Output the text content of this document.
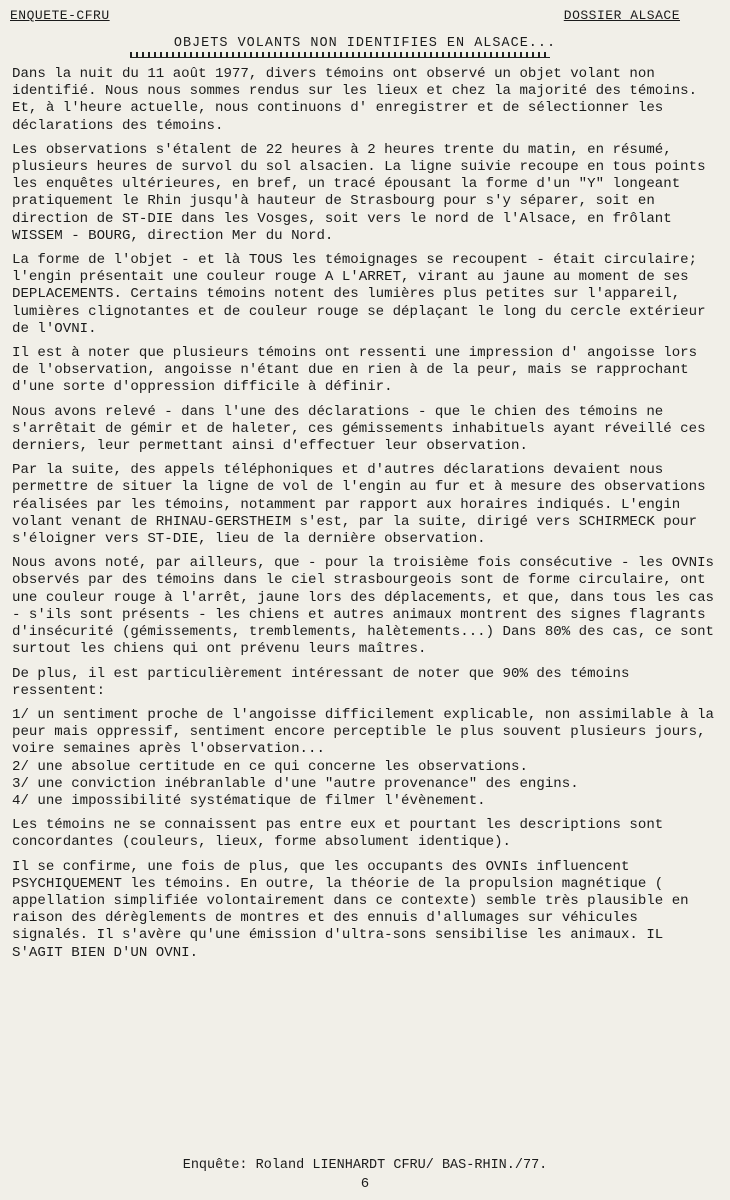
ENQUETE-CFRU	DOSSIER ALSACE
OBJETS VOLANTS NON IDENTIFIES EN ALSACE...

Dans la nuit du 11 août 1977, divers témoins ont observé un objet volant non identifié. Nous nous sommes rendus sur les lieux et chez la majorité des témoins. Et, à l'heure actuelle, nous continuons d' enregistrer et de sélectionner les déclarations des témoins.

Les observations s'étalent de 22 heures à 2 heures trente du matin, en résumé, plusieurs heures de survol du sol alsacien. La ligne suivie recoupe en tous points les enquêtes ultérieures, en bref, un tracé épousant la forme d'un "Y" longeant pratiquement le Rhin jusqu'à hauteur de Strasbourg pour s'y séparer, soit en direction de ST-DIE dans les Vosges, soit vers le nord de l'Alsace, en frôlant WISSEM - BOURG, direction Mer du Nord.

La forme de l'objet - et là TOUS les témoignages se recoupent - était circulaire; l'engin présentait une couleur rouge A L'ARRET, virant au jaune au moment de ses DEPLACEMENTS. Certains témoins notent des lumières plus petites sur l'appareil, lumières clignotantes et de couleur rouge se déplaçant le long du cercle extérieur de l'OVNI.

Il est à noter que plusieurs témoins ont ressenti une impression d' angoisse lors de l'observation, angoisse n'étant due en rien à de la peur, mais se rapprochant d'une sorte d'oppression difficile à définir.

Nous avons relevé - dans l'une des déclarations - que le chien des témoins ne s'arrêtait de gémir et de haleter, ces gémissements inhabituels ayant réveillé ces derniers, leur permettant ainsi d'effectuer leur observation.

Par la suite, des appels téléphoniques et d'autres déclarations devaient nous permettre de situer la ligne de vol de l'engin au fur et à mesure des observations réalisées par les témoins, notamment par rapport aux horaires indiqués. L'engin volant venant de RHINAU-GERSTHEIM s'est, par la suite, dirigé vers SCHIRMECK pour s'éloigner vers ST-DIE, lieu de la dernière observation.

Nous avons noté, par ailleurs, que - pour la troisième fois consécutive - les OVNIs observés par des témoins dans le ciel strasbourgeois sont de forme circulaire, ont une couleur rouge à l'arrêt, jaune lors des déplacements, et que, dans tous les cas - s'ils sont présents - les chiens et autres animaux montrent des signes flagrants d'insécurité (gémissements, tremblements, halètements...) Dans 80% des cas, ce sont surtout les chiens qui ont prévenu leurs maîtres.

De plus, il est particulièrement intéressant de noter que 90% des témoins ressentent:

1/ un sentiment proche de l'angoisse difficilement explicable, non assimilable à la peur mais oppressif, sentiment encore perceptible le plus souvent plusieurs jours, voire semaines après l'observation...
2/ une absolue certitude en ce qui concerne les observations.
3/ une conviction inébranlable d'une "autre provenance" des engins.
4/ une impossibilité systématique de filmer l'évènement.

Les témoins ne se connaissent pas entre eux et pourtant les descriptions sont concordantes (couleurs, lieux, forme absolument identique).

Il se confirme, une fois de plus, que les occupants des OVNIs influencent PSYCHIQUEMENT les témoins. En outre, la théorie de la propulsion magnétique ( appellation simplifiée volontairement dans ce contexte) semble très plausible en raison des dérèglements de montres et des ennuis d'allumages sur véhicules signalés. Il s'avère qu'une émission d'ultra-sons sensibilise les animaux. IL S'AGIT BIEN D'UN OVNI.

Enquête: Roland LIENHARDT CFRU/ BAS-RHIN./77.
6
